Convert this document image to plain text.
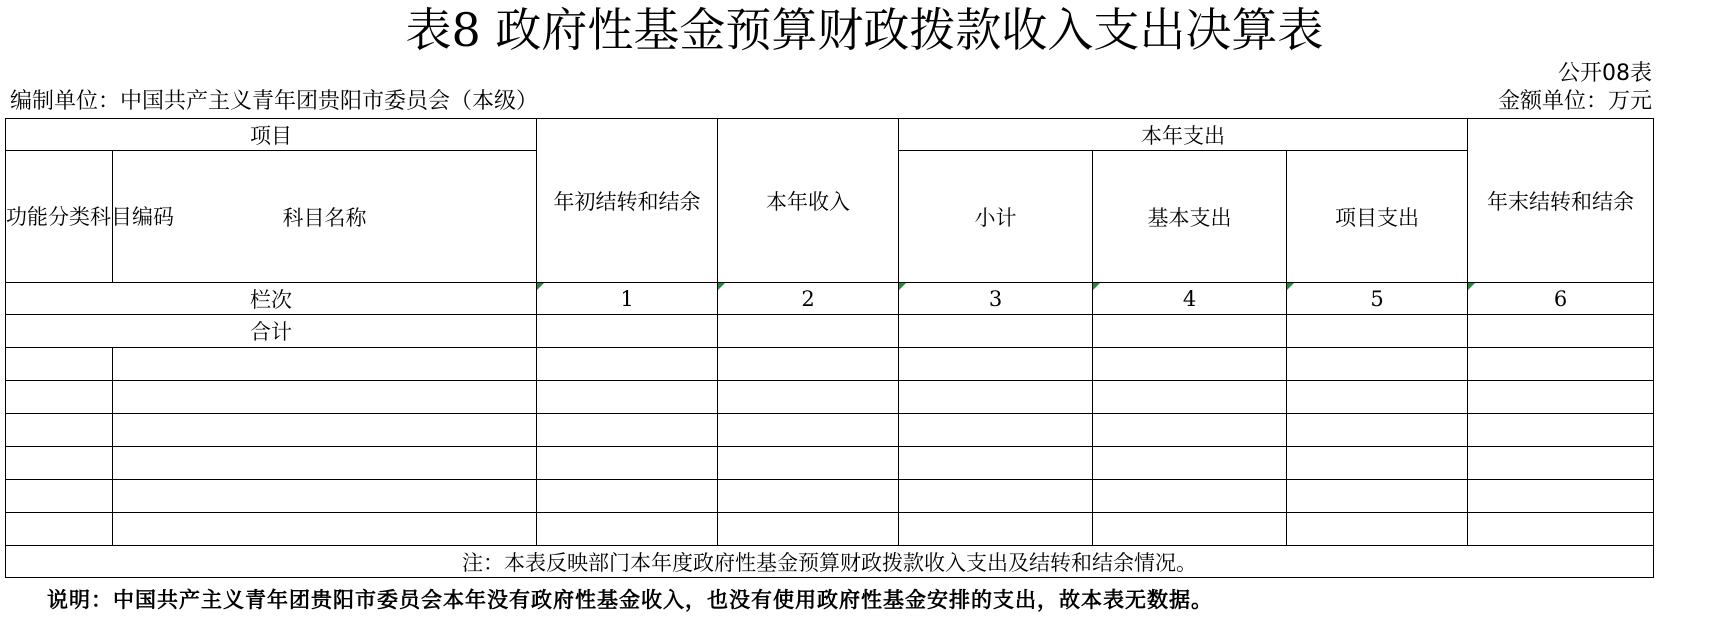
表8 政府性基金预算财政拨款收入支出决算表
公开08表
编制单位：中国共产主义青年团贵阳市委员会（本级）	金额单位：万元
项目		年初结转和结余	本年收入	本年支出			年末结转和结余
功能分类科目编码	科目名称			小计	基本支出	项目支出	
栏次		1	2	3	4	5	6
合计							

注：本表反映部门本年度政府性基金预算财政拨款收入支出及结转和结余情况。							
说明：中国共产主义青年团贵阳市委员会本年没有政府性基金收入，也没有使用政府性基金安排的支出，故本表无数据。
